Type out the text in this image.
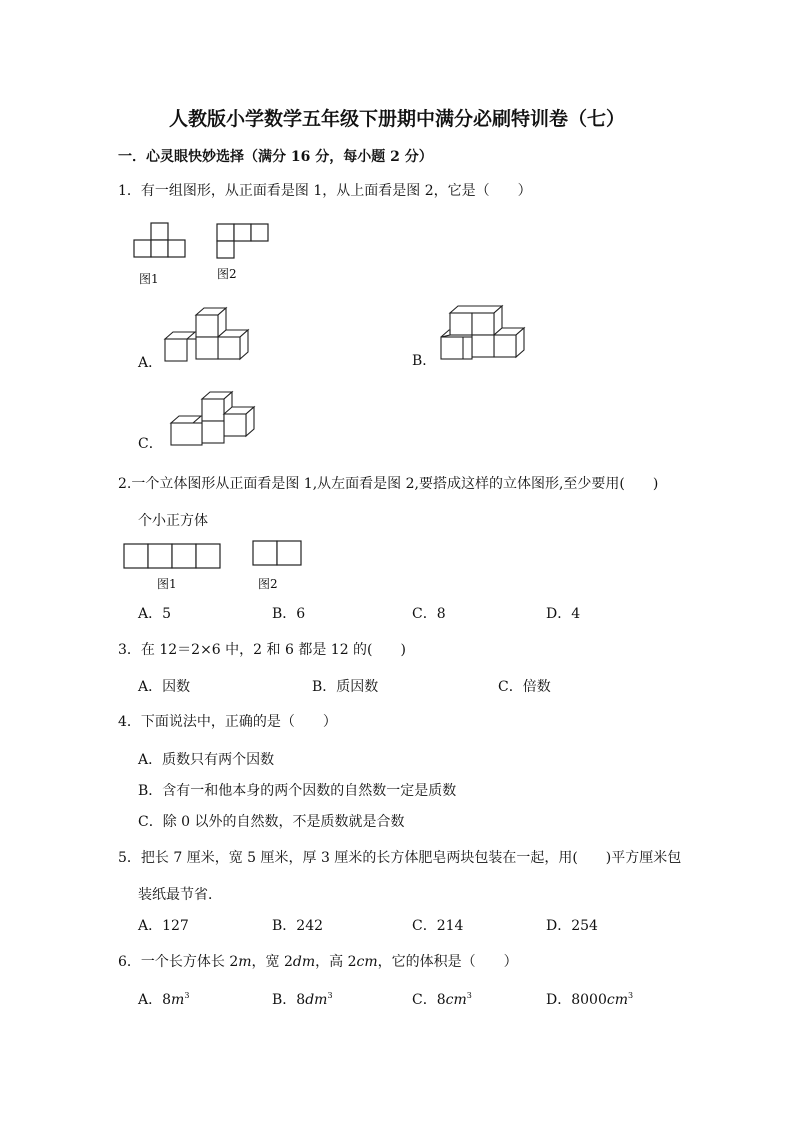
人教版小学数学五年级下册期中满分必刷特训卷（七）
一．心灵眼快妙选择（满分 16 分，每小题 2 分）
1．有一组图形，从正面看是图 1，从上面看是图 2，它是（　　）
图1	图2
A．	B．
C．
2.一个立体图形从正面看是图 1,从左面看是图 2,要搭成这样的立体图形,至少要用(　　)
个小正方体
图1	图2
A．5	B．6	C．8	D．4
3．在 12＝2×6 中，2 和 6 都是 12 的(　　)
A．因数	B．质因数	C．倍数
4．下面说法中，正确的是（　　）
A．质数只有两个因数
B．含有一和他本身的两个因数的自然数一定是质数
C．除 0 以外的自然数，不是质数就是合数
5．把长 7 厘米，宽 5 厘米，厚 3 厘米的长方体肥皂两块包装在一起，用(　　)平方厘米包
装纸最节省．
A．127	B．242	C．214	D．254
6．一个长方体长 2m，宽 2dm，高 2cm，它的体积是（　　）
A．$8m^3$	B．$8dm^3$	C．$8cm^3$	D．$8000cm^3$
